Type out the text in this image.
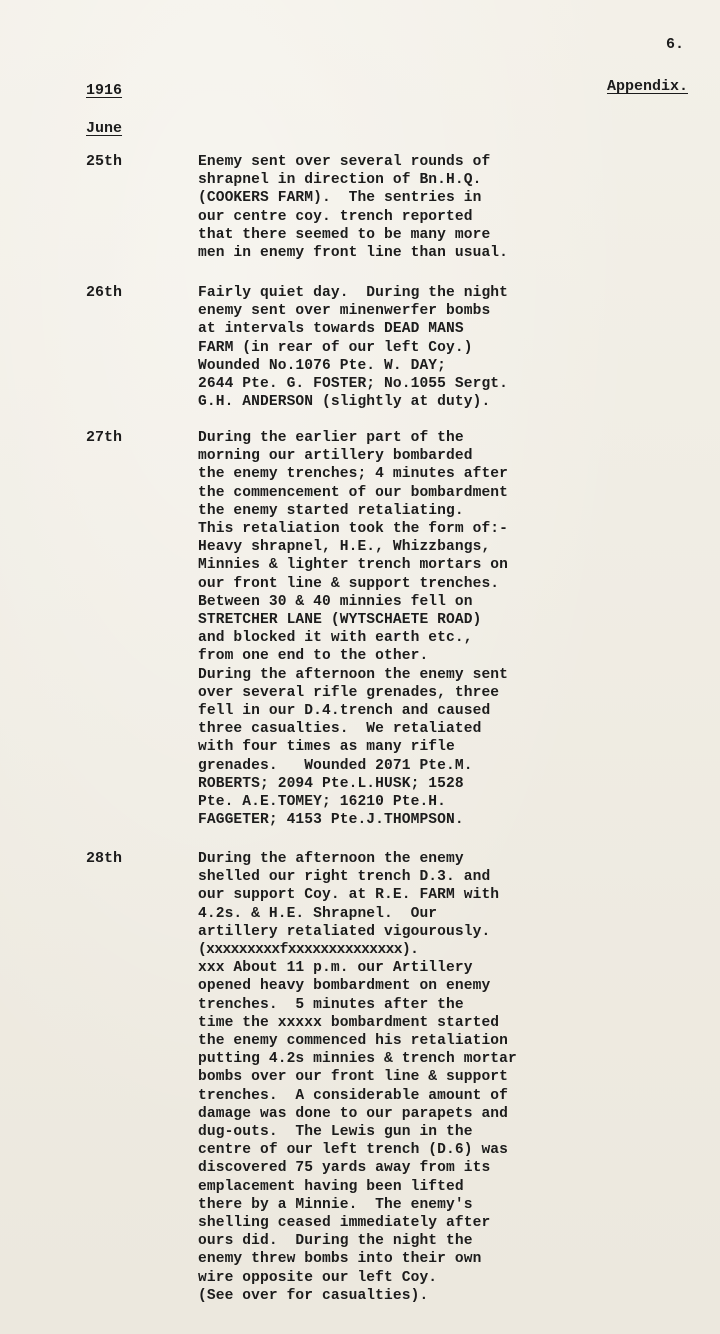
6.
1916	Appendix.
June
25th	Enemy sent over several rounds of
shrapnel in direction of Bn.H.Q.
(COOKERS FARM).  The sentries in
our centre coy. trench reported
that there seemed to be many more
men in enemy front line than usual.
26th	Fairly quiet day.  During the night
enemy sent over minenwerfer bombs
at intervals towards DEAD MANS
FARM (in rear of our left Coy.)
Wounded No.1076 Pte. W. DAY;
2644 Pte. G. FOSTER; No.1055 Sergt.
G.H. ANDERSON (slightly at duty).
27th	During the earlier part of the
morning our artillery bombarded
the enemy trenches; 4 minutes after
the commencement of our bombardment
the enemy started retaliating.
This retaliation took the form of:-
Heavy shrapnel, H.E., Whizzbangs,
Minnies & lighter trench mortars on
our front line & support trenches.
Between 30 & 40 minnies fell on
STRETCHER LANE (WYTSCHAETE ROAD)
and blocked it with earth etc.,
from one end to the other.
During the afternoon the enemy sent
over several rifle grenades, three
fell in our D.4.trench and caused
three casualties.  We retaliated
with four times as many rifle
grenades.   Wounded 2071 Pte.M.
ROBERTS; 2094 Pte.L.HUSK; 1528
Pte. A.E.TOMEY; 16210 Pte.H.
FAGGETER; 4153 Pte.J.THOMPSON.
28th	During the afternoon the enemy
shelled our right trench D.3. and
our support Coy. at R.E. FARM with
4.2s. & H.E. Shrapnel.  Our
artillery retaliated vigourously.
(xxxxxxxxxfxxxxxxxxxxxxxx).
xxx About 11 p.m. our Artillery
opened heavy bombardment on enemy
trenches.  5 minutes after the
time the xxxxx bombardment started
the enemy commenced his retaliation
putting 4.2s minnies & trench mortar
bombs over our front line & support
trenches.  A considerable amount of
damage was done to our parapets and
dug-outs.  The Lewis gun in the
centre of our left trench (D.6) was
discovered 75 yards away from its
emplacement having been lifted
there by a Minnie.  The enemy's
shelling ceased immediately after
ours did.  During the night the
enemy threw bombs into their own
wire opposite our left Coy.
(See over for casualties).
